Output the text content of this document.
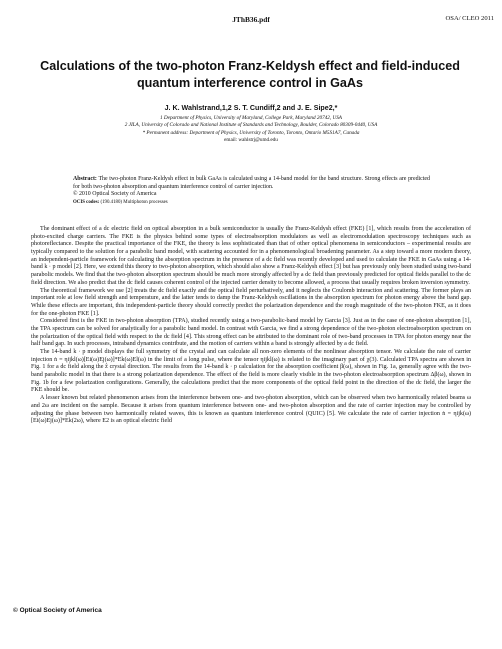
JThB36.pdf	OSA/ CLEO 2011
Calculations of the two-photon Franz-Keldysh effect and field-induced quantum interference control in GaAs
J. K. Wahlstrand,1,2 S. T. Cundiff,2 and J. E. Sipe2,*
1 Department of Physics, University of Maryland, College Park, Maryland 20742, USA
2 JILA, University of Colorado and National Institute of Standards and Technology, Boulder, Colorado 80309-0440, USA
* Permanent address: Department of Physics, University of Toronto, Toronto, Ontario M5S1A7, Canada
email: wahlstrj@umd.edu
Abstract: The two-photon Franz-Keldysh effect in bulk GaAs is calculated using a 14-band model for the band structure. Strong effects are predicted for both two-photon absorption and quantum interference control of carrier injection.
© 2010 Optical Society of America
OCIS codes: (190.4180) Multiphoton processes

The dominant effect of a dc electric field on optical absorption in a bulk semiconductor is usually the Franz-Keldysh effect (FKE) [1], which results from the acceleration of photo-excited charge carriers. The FKE is the physics behind some types of electroabsorption modulators as well as electromodulation spectroscopy techniques such as photoreflectance. Despite the practical importance of the FKE, the theory is less sophisticated than that of other optical phenomena in semiconductors – experimental results are typically compared to the solution for a parabolic band model, with scattering accounted for in a phenomenological broadening parameter. As a step toward a more modern theory, an independent-particle framework for calculating the absorption spectrum in the presence of a dc field was recently developed and used to calculate the FKE in GaAs using a 14-band k · p model [2]. Here, we extend this theory to two-photon absorption, which should also show a Franz-Keldysh effect [3] but has previously only been studied using two-band parabolic models. We find that the two-photon absorption spectrum should be much more strongly affected by a dc field than previously predicted for optical fields parallel to the dc field direction. We also predict that the dc field causes coherent control of the injected carrier density to become allowed, a process that usually requires broken inversion symmetry.

The theoretical framework we use [2] treats the dc field exactly and the optical field perturbatively, and it neglects the Coulomb interaction and scattering. The former plays an important role at low field strength and temperature, and the latter tends to damp the Franz-Keldysh oscillations in the absorption spectrum for photon energy above the band gap. While these effects are important, this independent-particle theory should correctly predict the polarization dependence and the rough magnitude of the two-photon FKE, as it does for the one-photon FKE [1].

Considered first is the FKE in two-photon absorption (TPA), studied recently using a two-parabolic-band model by Garcia [3]. Just as in the case of one-photon absorption [1], the TPA spectrum can be solved for analytically for a parabolic band model. In contrast with Garcia, we find a strong dependence of the two-photon electroabsorption spectrum on the polarization of the optical field with respect to the dc field [4]. This strong effect can be attributed to the dominant role of two-band processes in TPA for photon energy near the half band gap. In such processes, intraband dynamics contribute, and the motion of carriers within a band is strongly affected by a dc field.

The 14-band k · p model displays the full symmetry of the crystal and can calculate all non-zero elements of the nonlinear absorption tensor. We calculate the rate of carrier injection ṅ = ηijkl(ω)[Ei(ω)Ej(ω)]*Ek(ω)El(ω) in the limit of a long pulse, where the tensor ηijkl(ω) is related to the imaginary part of χ(3). Calculated TPA spectra are shown in Fig. 1 for a dc field along the ẑ crystal direction. The results from the 14-band k · p calculation for the absorption coefficient β(ω), shown in Fig. 1a, generally agree with the two-band parabolic model in that there is a strong polarization dependence. The effect of the field is more clearly visible in the two-photon electroabsorption spectrum Δβ(ω), shown in Fig. 1b for a few polarization configurations. Generally, the calculations predict that the more components of the optical field point in the direction of the dc field, the larger the FKE should be.

A lesser known but related phenomenon arises from the interference between one- and two-photon absorption, which can be observed when two harmonically related beams ω and 2ω are incident on the sample. Because it arises from quantum interference between one- and two-photon absorption and the rate of carrier injection may be controlled by adjusting the phase between two harmonically related waves, this is known as quantum interference control (QUIC) [5]. We calculate the rate of carrier injection ṅ = ηijk(ω)[Ei(ω)Ej(ω)]*Ek(2ω), where E2 is an optical electric field

© Optical Society of America
